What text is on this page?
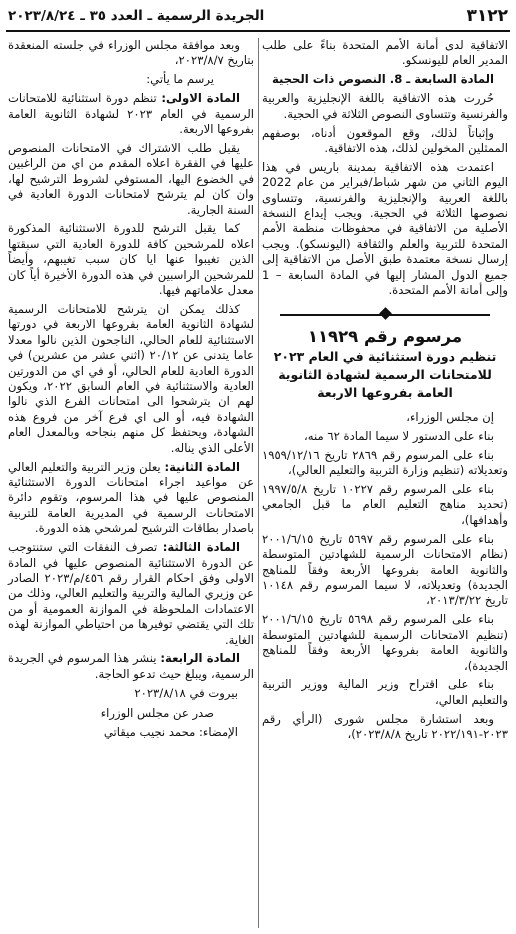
٣١٢٢
الجريدة الرسمية ـ العدد ٣٥ ـ ٢٠٢٣/٨/٢٤

الاتفاقية لدى أمانة الأمم المتحدة بناءً على طلب المدير العام لليونسكو.

المادة السابعة ـ 8. النصوص ذات الحجية

حُررت هذه الاتفاقية باللغة الإنجليزية والعربية والفرنسية وتتساوى النصوص الثلاثة في الحجية.

وإثباتاً لذلك، وقع الموقعون أدناه، بوصفهم الممثلين المخولين لذلك، هذه الاتفاقية.

اعتمدت هذه الاتفاقية بمدينة باريس في هذا اليوم الثاني من شهر شباط/فبراير من عام 2022 باللغة العربية والإنجليزية والفرنسية، وتتساوى نصوصها الثلاثة في الحجية. ويجب إيداع النسخة الأصلية من الاتفاقية في محفوظات منظمة الأمم المتحدة للتربية والعلم والثقافة (اليونسكو). ويجب إرسال نسخة معتمدة طبق الأصل من الاتفاقية إلى جميع الدول المشار إليها في المادة السابعة – 1 وإلى أمانة الأمم المتحدة.

مرسوم رقم ١١٩٢٩
تنظيم دورة استثنائية في العام ٢٠٢٣ للامتحانات الرسمية لشهادة الثانوية العامة بفروعها الاربعة

إن مجلس الوزراء،

بناء على الدستور لا سيما المادة ٦٢ منه،

بناء على المرسوم رقم ٢٨٦٩ تاريخ ١٩٥٩/١٢/١٦ وتعديلاته (تنظيم وزارة التربية والتعليم العالي)،

بناء على المرسوم رقم ١٠٢٢٧ تاريخ ١٩٩٧/٥/٨ (تحديد مناهج التعليم العام ما قبل الجامعي وأهدافها)،

بناء على المرسوم رقم ٥٦٩٧ تاريخ ٢٠٠١/٦/١٥ (نظام الامتحانات الرسمية للشهادتين المتوسطة والثانوية العامة بفروعها الأربعة وفقاً للمناهج الجديدة) وتعديلاته، لا سيما المرسوم رقم ١٠١٤٨ تاريخ ٢٠١٣/٣/٢٢،

بناء على المرسوم رقم ٥٦٩٨ تاريخ ٢٠٠١/٦/١٥ (تنظيم الامتحانات الرسمية للشهادتين المتوسطة والثانوية العامة بفروعها الأربعة وفقاً للمناهج الجديدة)،

بناء على اقتراح وزير المالية ووزير التربية والتعليم العالي،

وبعد استشارة مجلس شورى (الرأي رقم ٢٠٢٣-٢٠٢٢/١٩١ تاريخ ٢٠٢٣/٨/٨)،

وبعد موافقة مجلس الوزراء في جلسته المنعقدة بتاريخ ٢٠٢٣/٨/٧،

يرسم ما يأتي:

المادة الاولى: تنظم دورة استثنائية للامتحانات الرسمية في العام ٢٠٢٣ لشهادة الثانوية العامة بفروعها الاربعة.

يقبل طلب الاشتراك في الامتحانات المنصوص عليها في الفقرة اعلاه المقدم من اي من الراغبين في الخضوع اليها، المستوفي لشروط الترشيح لها، وان كان لم يترشح لامتحانات الدورة العادية في السنة الجارية.

كما يقبل الترشح للدورة الاستثنائية المذكورة اعلاه للمرشحين كافة للدورة العادية التي سبقتها الذين تغيبوا عنها ايا كان سبب تغيبهم، وأيضاً للمرشحين الراسبين في هذه الدورة الأخيرة أياً كان معدل علاماتهم فيها.

كذلك يمكن ان يترشح للامتحانات الرسمية لشهادة الثانوية العامة بفروعها الاربعة في دورتها الاستثنائية للعام الحالي، الناجحون الذين نالوا معدلا عاما يتدنى عن ٢٠/١٢ (اثني عشر من عشرين) في الدورة العادية للعام الحالي، أو في اي من الدورتين العادية والاستثنائية في العام السابق ٢٠٢٢، ويكون لهم ان يترشحوا الى امتحانات الفرع الذي نالوا الشهادة فيه، أو الى اي فرع آخر من فروع هذه الشهادة، ويحتفظ كل منهم بنجاحه وبالمعدل العام الأعلى الذي يناله.

المادة الثانية: يعلن وزير التربية والتعليم العالي عن مواعيد اجراء امتحانات الدورة الاستثنائية المنصوص عليها في هذا المرسوم، وتقوم دائرة الامتحانات الرسمية في المديرية العامة للتربية باصدار بطاقات الترشيح لمرشحي هذه الدورة.

المادة الثالثة: تصرف النفقات التي ستنتوجب عن الدورة الاستثنائية المنصوص عليها في المادة الاولى وفق احكام القرار رقم ٤٥٦/م/٢٠٢٣ الصادر عن وزيري المالية والتربية والتعليم العالي، وذلك من الاعتمادات الملحوظة في الموازنة العمومية أو من تلك التي يقتضي توفيرها من احتياطي الموازنة لهذه الغاية.

المادة الرابعة: ينشر هذا المرسوم في الجريدة الرسمية، ويبلغ حيث تدعو الحاجة.

بيروت في ٢٠٢٣/٨/١٨

صدر عن مجلس الوزراء

الإمضاء: محمد نجيب ميقاتي
